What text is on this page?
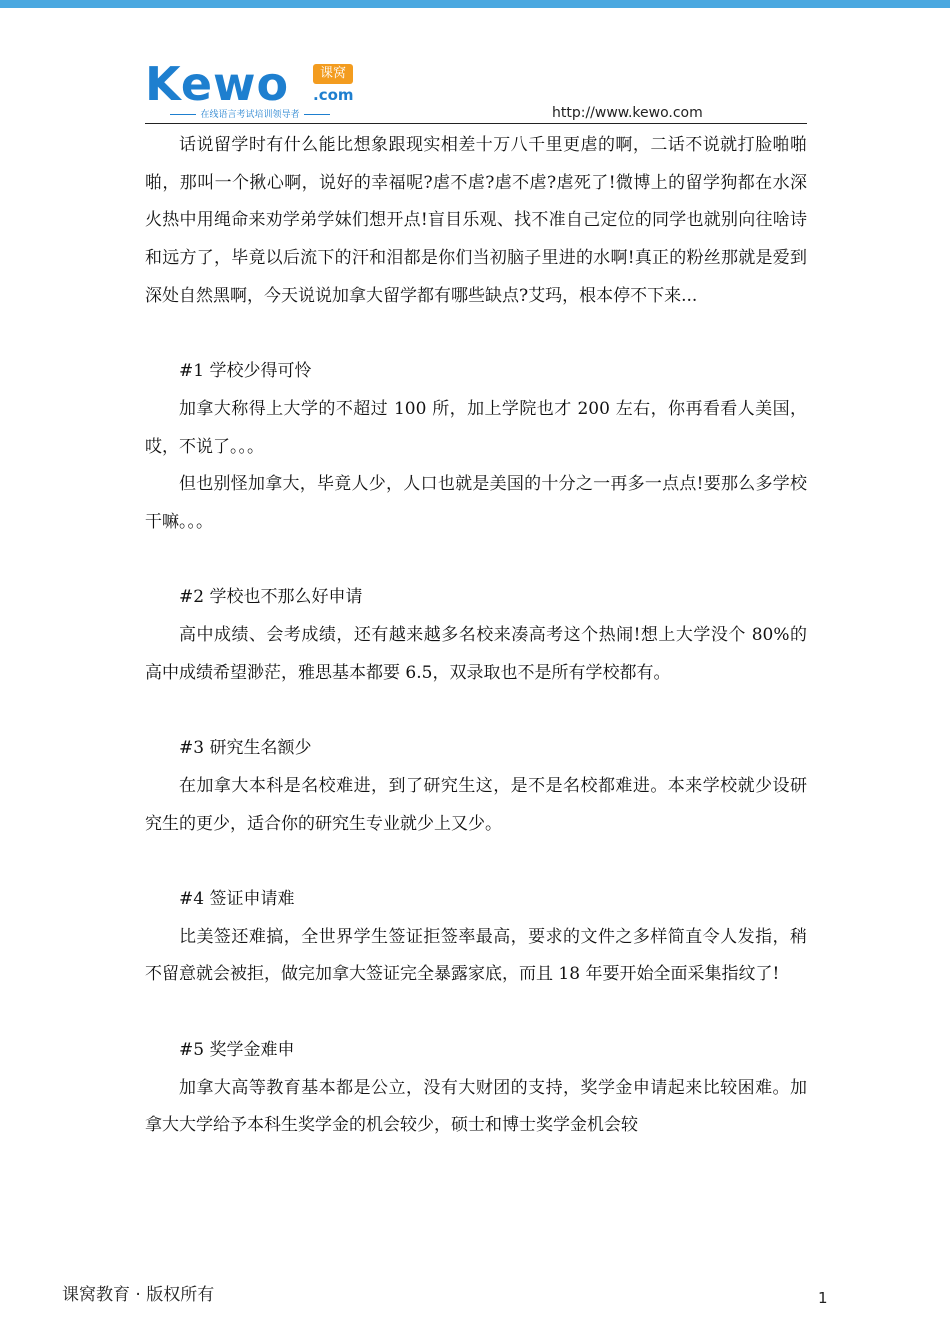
Kewo	课窝
.com
在线语言考试培训领导者	http://www.kewo.com

话说留学时有什么能比想象跟现实相差十万八千里更虐的啊，二话不说就打脸啪啪啪，那叫一个揪心啊，说好的幸福呢?虐不虐?虐不虐?虐死了!微博上的留学狗都在水深火热中用绳命来劝学弟学妹们想开点!盲目乐观、找不准自己定位的同学也就别向往啥诗和远方了，毕竟以后流下的汗和泪都是你们当初脑子里进的水啊!真正的粉丝那就是爱到深处自然黑啊，今天说说加拿大留学都有哪些缺点?艾玛，根本停不下来...

#1 学校少得可怜

加拿大称得上大学的不超过 100 所，加上学院也才 200 左右，你再看看人美国，哎，不说了。。。

但也别怪加拿大，毕竟人少，人口也就是美国的十分之一再多一点点!要那么多学校干嘛。。。

#2 学校也不那么好申请

高中成绩、会考成绩，还有越来越多名校来凑高考这个热闹!想上大学没个 80%的高中成绩希望渺茫，雅思基本都要 6.5，双录取也不是所有学校都有。

#3 研究生名额少

在加拿大本科是名校难进，到了研究生这，是不是名校都难进。本来学校就少设研究生的更少，适合你的研究生专业就少上又少。

#4 签证申请难

比美签还难搞，全世界学生签证拒签率最高，要求的文件之多样简直令人发指，稍不留意就会被拒，做完加拿大签证完全暴露家底，而且 18 年要开始全面采集指纹了!

#5 奖学金难申

加拿大高等教育基本都是公立，没有大财团的支持，奖学金申请起来比较困难。加拿大大学给予本科生奖学金的机会较少，硕士和博士奖学金机会较

课窝教育 · 版权所有	1
